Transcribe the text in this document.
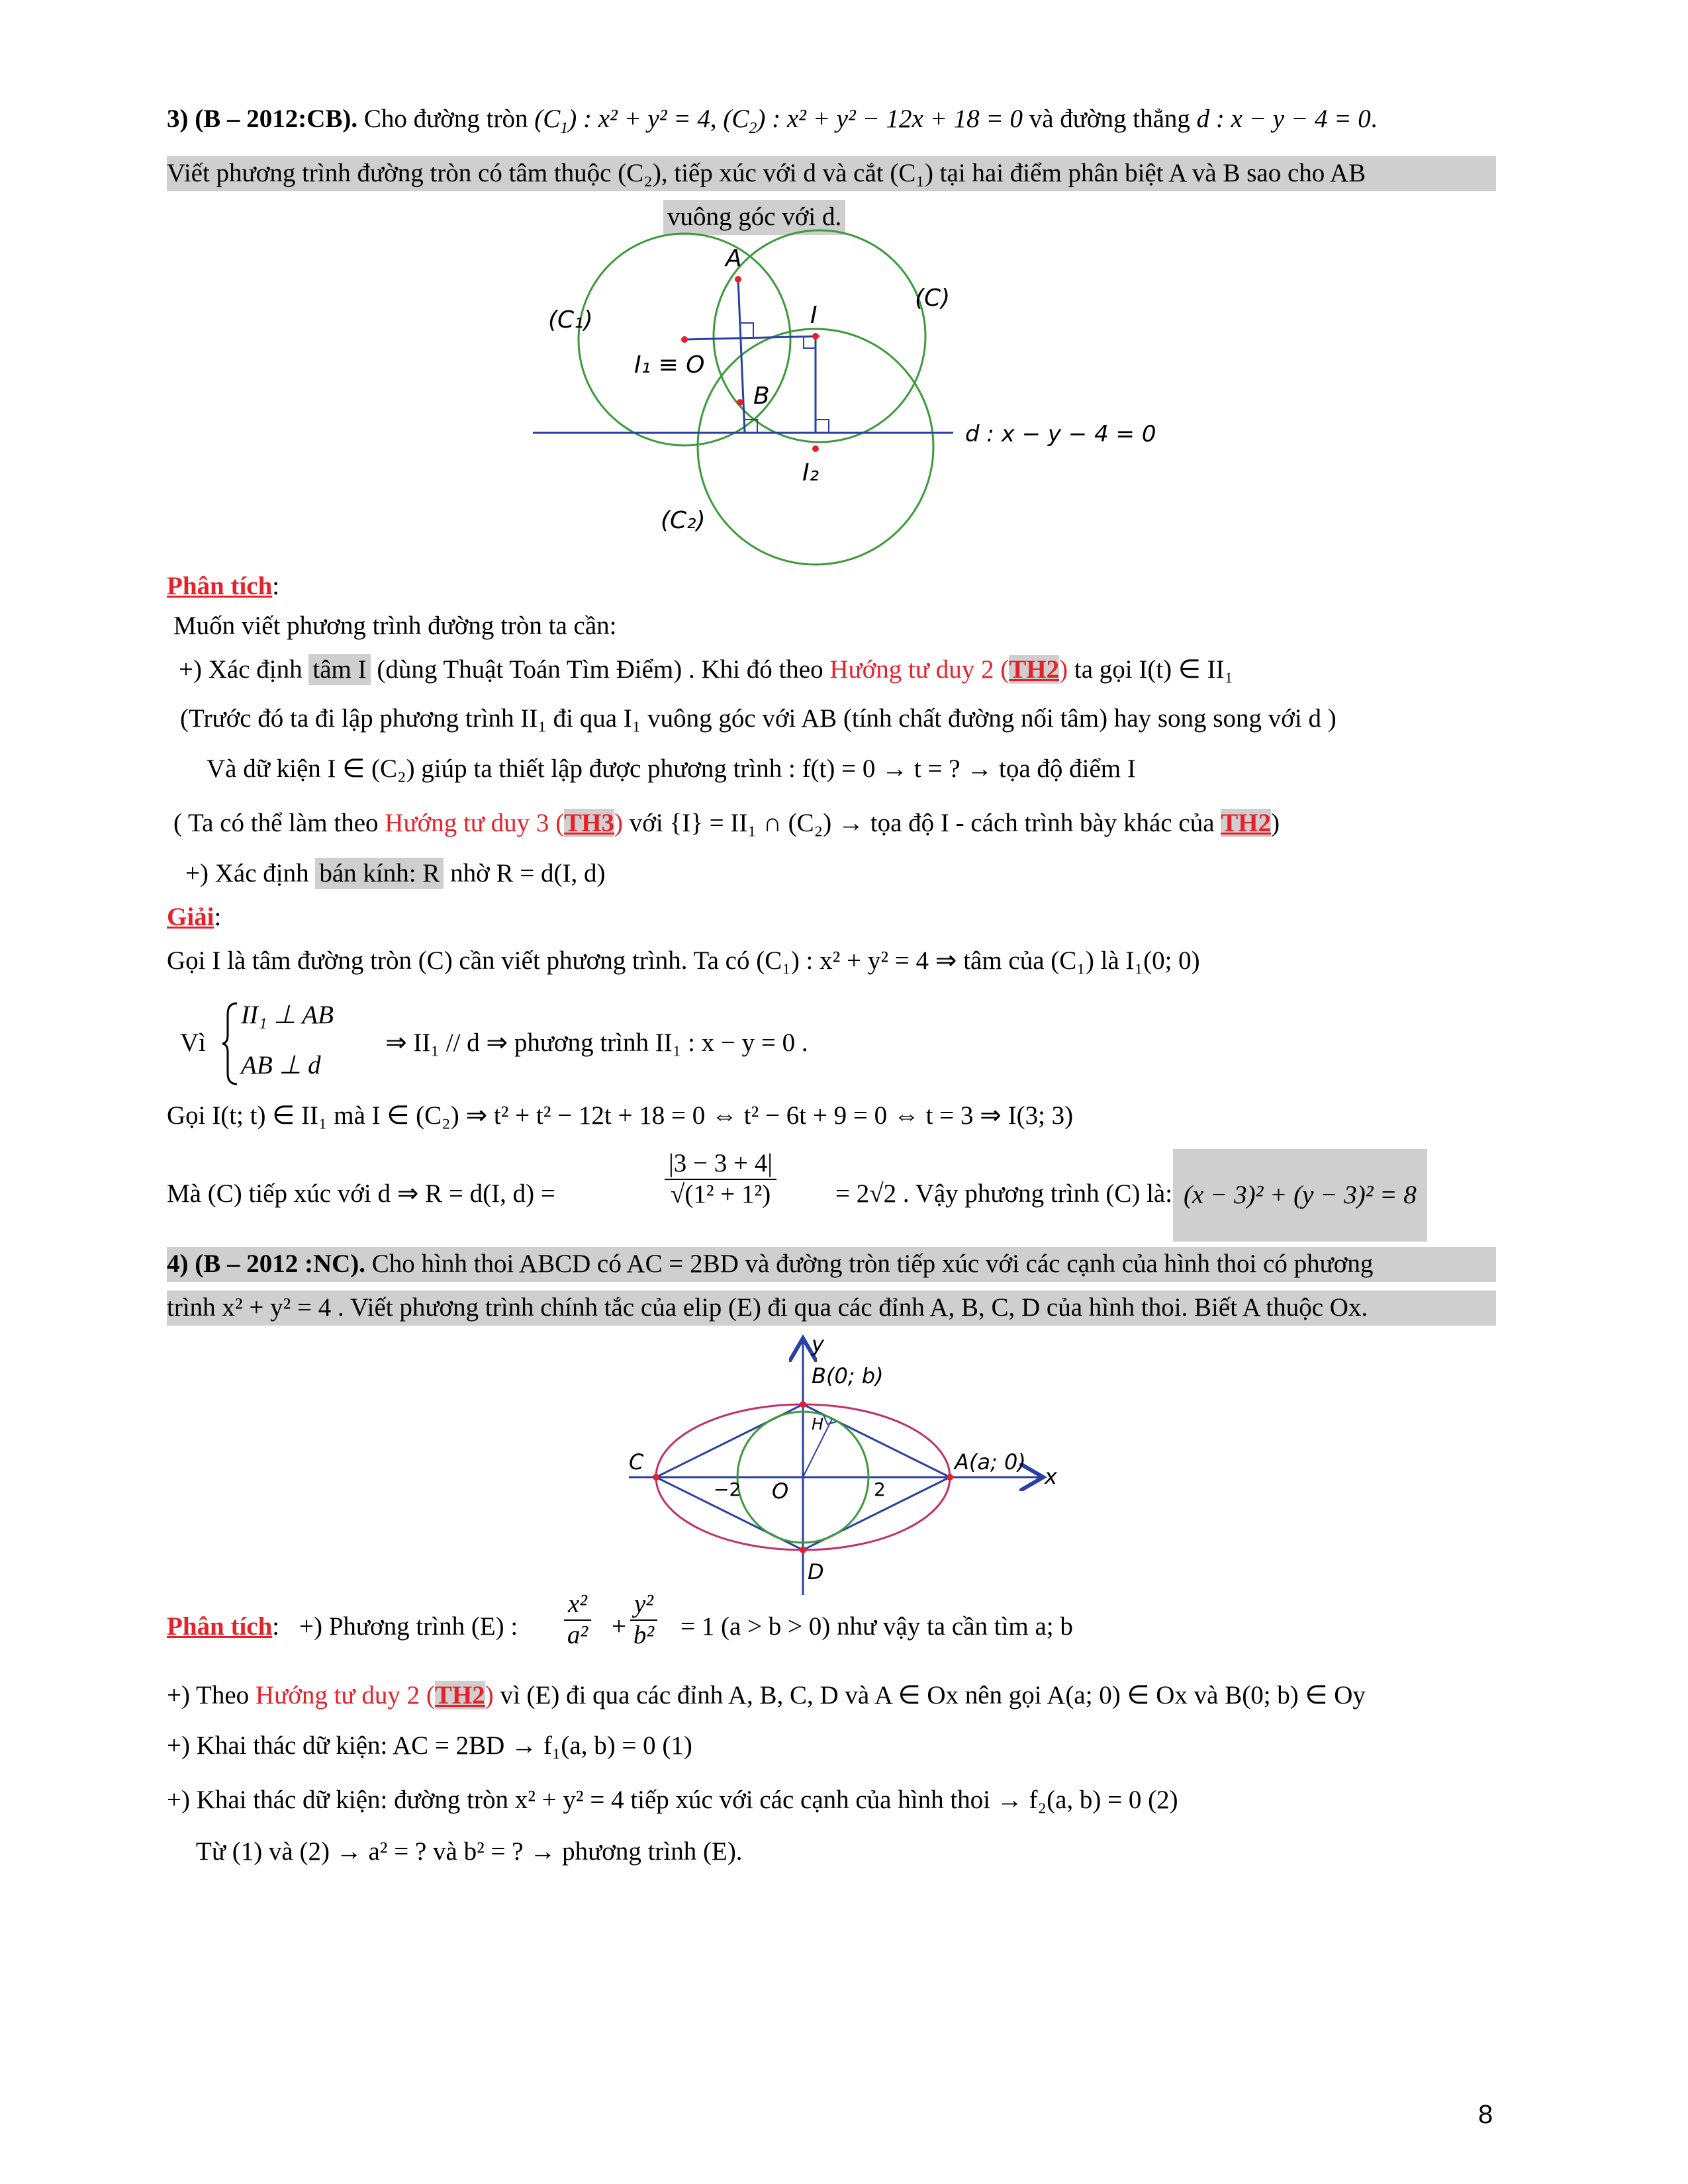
3) (B – 2012:CB). Cho đường tròn $(C_1)$ : x² + y² = 4, $(C_2)$ : x² + y² − 12x + 18 = 0 và đường thẳng d : x − y − 4 = 0.
Viết phương trình đường tròn có tâm thuộc (C₂), tiếp xúc với d và cắt (C₁) tại hai điểm phân biệt A và B sao cho AB
vuông góc với d.
A
B
I
(C)
(C₁)
(C₂)
I₁ ≡ O
I₂
d : x − y − 4 = 0
Phân tích:
Muốn viết phương trình đường tròn ta cần:
+) Xác định tâm I (dùng Thuật Toán Tìm Điểm) . Khi đó theo Hướng tư duy 2 (TH2) ta gọi I(t) ∈ II₁
(Trước đó ta đi lập phương trình II₁ đi qua I₁ vuông góc với AB (tính chất đường nối tâm) hay song song với d )
Và dữ kiện I ∈ (C₂) giúp ta thiết lập được phương trình : f(t) = 0 → t = ? → tọa độ điểm I
( Ta có thể làm theo Hướng tư duy 3 (TH3) với {I} = II₁ ∩ (C₂) → tọa độ I - cách trình bày khác của TH2)
+) Xác định bán kính: R nhờ R = d(I, d)
Giải:
Gọi I là tâm đường tròn (C) cần viết phương trình. Ta có (C₁) : x² + y² = 4 ⇒ tâm của (C₁) là I₁(0; 0)
Vì
II₁ ⊥ AB
AB ⊥ d
⇒ II₁ // d ⇒ phương trình II₁ : x − y = 0 .
Gọi I(t; t) ∈ II₁ mà I ∈ (C₂) ⇒ t² + t² − 12t + 18 = 0 ⇔ t² − 6t + 9 = 0 ⇔ t = 3 ⇒ I(3; 3)
Mà (C) tiếp xúc với d ⇒ R = d(I, d) =	$\frac{|3 - 3 + 4|}{\text{√(1² + 1²)}} = 2√2$ . Vậy phương trình (C) là: (x − 3)² + (y − 3)² = 8
4) (B – 2012 :NC). Cho hình thoi ABCD có AC = 2BD và đường tròn tiếp xúc với các cạnh của hình thoi có phương
trình x² + y² = 4 . Viết phương trình chính tắc của elip (E) đi qua các đỉnh A, B, C, D của hình thoi. Biết A thuộc Ox.
y
x
B(0; b)
A(a; 0)
C
D
O
H
−2	2
Phân tích: +) Phương trình (E) : $\frac{\text{x²}}{\text{a²}} + \frac{\text{y²}}{\text{b²}} = 1$ (a > b > 0) như vậy ta cần tìm a; b
+) Theo Hướng tư duy 2 (TH2) vì (E) đi qua các đỉnh A, B, C, D và A ∈ Ox nên gọi A(a; 0) ∈ Ox và B(0; b) ∈ Oy
+) Khai thác dữ kiện: AC = 2BD → f₁(a, b) = 0 (1)
+) Khai thác dữ kiện: đường tròn x² + y² = 4 tiếp xúc với các cạnh của hình thoi → f₂(a, b) = 0 (2)
Từ (1) và (2) → a² = ? và b² = ? → phương trình (E).
8
